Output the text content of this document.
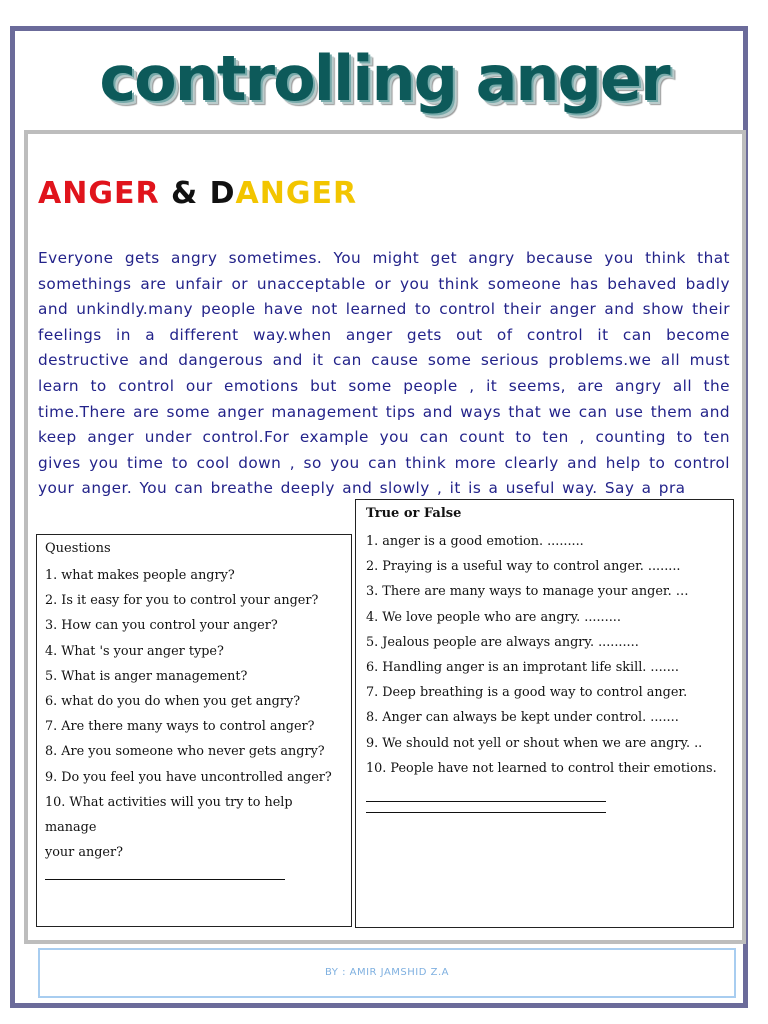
controlling anger
ANGER & DANGER

Everyone gets angry sometimes. You might get angry because you think that somethings are unfair or unacceptable or you think someone has behaved badly and unkindly.many people have not learned to control their anger and show their feelings in a different way.when anger gets out of control it can become destructive and dangerous and it can cause some serious problems.we all must learn to control our emotions but some people , it seems, are angry all the time.There are some anger management tips and ways that we can use them and keep anger under control.For example you can count to ten , counting to ten gives you time to cool down , so you can think more clearly and help to control your anger. You can breathe deeply and slowly , it is a useful way. Say a pra

Questions
1. what makes people angry?
2. Is it easy for you to control your anger?
3. How can you control your anger?
4. What 's your anger type?
5. What is anger management?
6. what do you do when you get angry?
7. Are there many ways to control anger?
8. Are you someone who never gets angry?
9. Do you feel you have uncontrolled anger?
10. What activities will you try to help manage
your anger?
True or False
1. anger is a good emotion. .........
2. Praying is a useful way to control anger. ........
3. There are many ways to manage your anger. …
4. We love people who are angry. .........
5. Jealous people are always angry. ..........
6. Handling anger is an improtant life skill. .......
7. Deep breathing is a good way to control anger.
8. Anger can always be kept under control. .......
9. We should not yell or shout when we are angry. ..
10. People have not learned to control their emotions.
BY : AMIR JAMSHID Z.A
